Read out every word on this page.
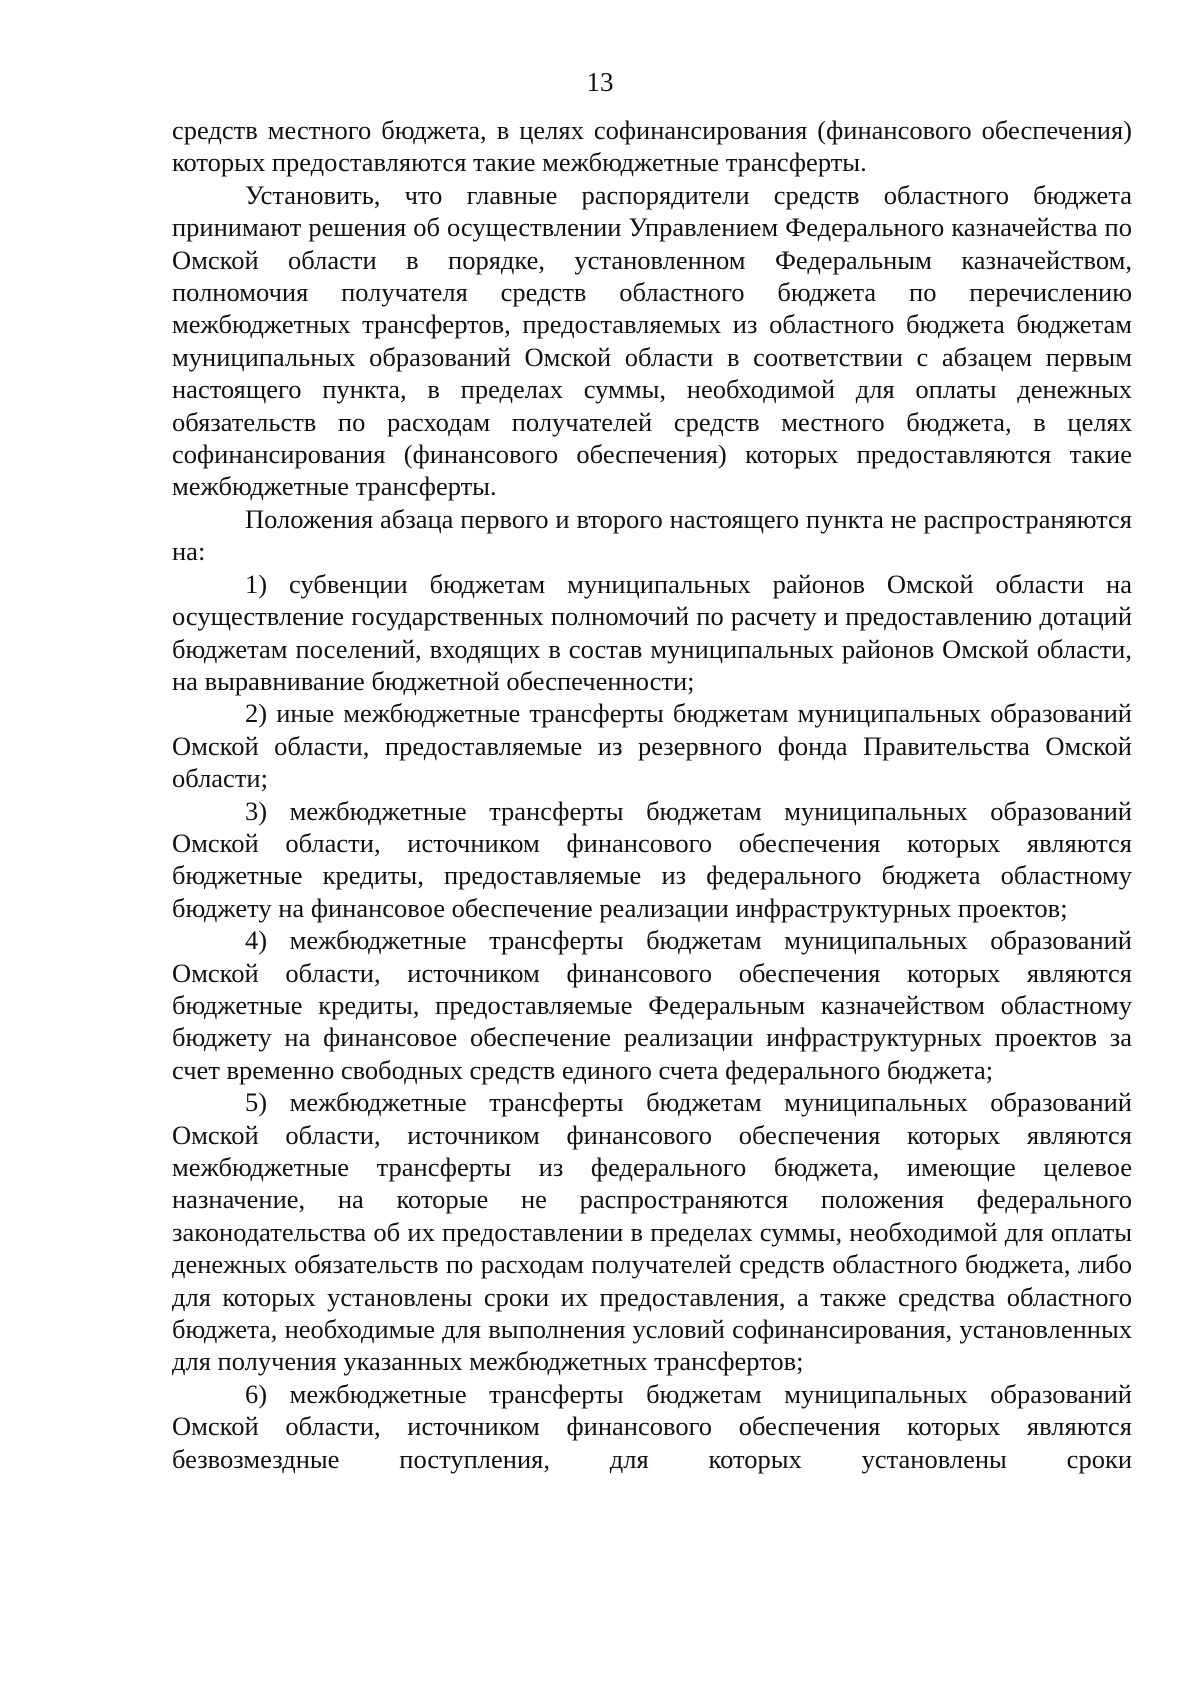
13

средств местного бюджета, в целях софинансирования (финансового обеспечения) которых предоставляются такие межбюджетные трансферты.

Установить, что главные распорядители средств областного бюджета принимают решения об осуществлении Управлением Федерального казначейства по Омской области в порядке, установленном Федеральным казначейством, полномочия получателя средств областного бюджета по перечислению межбюджетных трансфертов, предоставляемых из областного бюджета бюджетам муниципальных образований Омской области в соответствии с абзацем первым настоящего пункта, в пределах суммы, необходимой для оплаты денежных обязательств по расходам получателей средств местного бюджета, в целях софинансирования (финансового обеспечения) которых предоставляются такие межбюджетные трансферты.

Положения абзаца первого и второго настоящего пункта не распространяются на:

1) субвенции бюджетам муниципальных районов Омской области на осуществление государственных полномочий по расчету и предоставлению дотаций бюджетам поселений, входящих в состав муниципальных районов Омской области, на выравнивание бюджетной обеспеченности;

2) иные межбюджетные трансферты бюджетам муниципальных образований Омской области, предоставляемые из резервного фонда Правительства Омской области;

3) межбюджетные трансферты бюджетам муниципальных образований Омской области, источником финансового обеспечения которых являются бюджетные кредиты, предоставляемые из федерального бюджета областному бюджету на финансовое обеспечение реализации инфраструктурных проектов;

4) межбюджетные трансферты бюджетам муниципальных образований Омской области, источником финансового обеспечения которых являются бюджетные кредиты, предоставляемые Федеральным казначейством областному бюджету на финансовое обеспечение реализации инфраструктурных проектов за счет временно свободных средств единого счета федерального бюджета;

5) межбюджетные трансферты бюджетам муниципальных образований Омской области, источником финансового обеспечения которых являются межбюджетные трансферты из федерального бюджета, имеющие целевое назначение, на которые не распространяются положения федерального законодательства об их предоставлении в пределах суммы, необходимой для оплаты денежных обязательств по расходам получателей средств областного бюджета, либо для которых установлены сроки их предоставления, а также средства областного бюджета, необходимые для выполнения условий софинансирования, установленных для получения указанных межбюджетных трансфертов;

6) межбюджетные трансферты бюджетам муниципальных образований Омской области, источником финансового обеспечения которых являются безвозмездные поступления, для которых установлены сроки
